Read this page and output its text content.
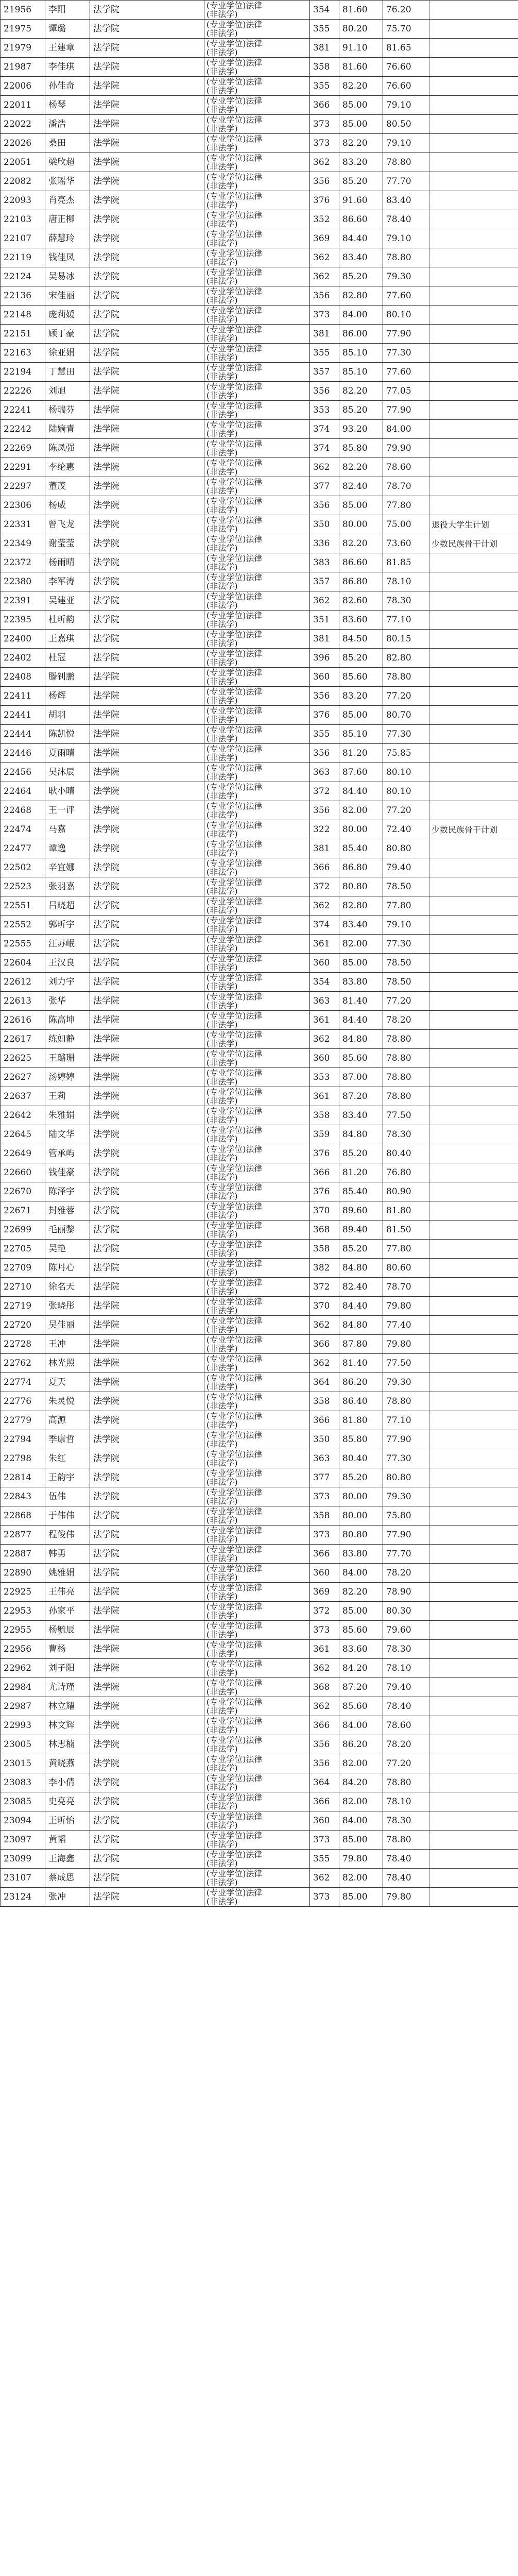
21956	李阳	法学院	(专业学位)法律
(非法学)	354	81.60	76.20	
21975	谭璐	法学院	(专业学位)法律
(非法学)	355	80.20	75.70	
21979	王建章	法学院	(专业学位)法律
(非法学)	381	91.10	81.65	
21987	李佳琪	法学院	(专业学位)法律
(非法学)	358	81.60	76.60	
22006	孙佳奇	法学院	(专业学位)法律
(非法学)	355	82.20	76.60	
22011	杨琴	法学院	(专业学位)法律
(非法学)	366	85.00	79.10	
22022	潘浩	法学院	(专业学位)法律
(非法学)	373	85.00	80.50	
22026	桑田	法学院	(专业学位)法律
(非法学)	373	82.20	79.10	
22051	梁欣超	法学院	(专业学位)法律
(非法学)	362	83.20	78.80	
22082	张瑶华	法学院	(专业学位)法律
(非法学)	356	85.20	77.70	
22093	肖亮杰	法学院	(专业学位)法律
(非法学)	376	91.60	83.40	
22103	唐正柳	法学院	(专业学位)法律
(非法学)	352	86.60	78.40	
22107	薛慧玲	法学院	(专业学位)法律
(非法学)	369	84.40	79.10	
22119	钱佳凤	法学院	(专业学位)法律
(非法学)	362	83.40	78.80	
22124	吴易冰	法学院	(专业学位)法律
(非法学)	362	85.20	79.30	
22136	宋佳丽	法学院	(专业学位)法律
(非法学)	356	82.80	77.60	
22148	庞莉媛	法学院	(专业学位)法律
(非法学)	373	84.00	80.10	
22151	顾丁豪	法学院	(专业学位)法律
(非法学)	381	86.00	77.90	
22163	徐亚娟	法学院	(专业学位)法律
(非法学)	355	85.10	77.30	
22194	丁慧田	法学院	(专业学位)法律
(非法学)	357	85.10	77.60	
22226	刘旭	法学院	(专业学位)法律
(非法学)	356	82.20	77.05	
22241	杨瑞芬	法学院	(专业学位)法律
(非法学)	353	85.20	77.90	
22242	陆嫡青	法学院	(专业学位)法律
(非法学)	374	93.20	84.00	
22269	陈凤强	法学院	(专业学位)法律
(非法学)	374	85.80	79.90	
22291	李纶惠	法学院	(专业学位)法律
(非法学)	362	82.20	78.60	
22297	董茂	法学院	(专业学位)法律
(非法学)	377	82.40	78.70	
22306	杨威	法学院	(专业学位)法律
(非法学)	356	85.00	77.80	
22331	曾飞龙	法学院	(专业学位)法律
(非法学)	350	80.00	75.00	退役大学生计划
22349	谢莹莹	法学院	(专业学位)法律
(非法学)	336	82.20	73.60	少数民族骨干计划
22372	杨雨晴	法学院	(专业学位)法律
(非法学)	383	86.60	81.85	
22380	李军涛	法学院	(专业学位)法律
(非法学)	357	86.80	78.10	
22391	吴建亚	法学院	(专业学位)法律
(非法学)	362	82.60	78.30	
22395	杜昕韵	法学院	(专业学位)法律
(非法学)	351	83.60	77.10	
22400	王嘉琪	法学院	(专业学位)法律
(非法学)	381	84.50	80.15	
22402	杜冠	法学院	(专业学位)法律
(非法学)	396	85.20	82.80	
22408	滕钊鹏	法学院	(专业学位)法律
(非法学)	360	85.60	78.80	
22411	杨辉	法学院	(专业学位)法律
(非法学)	356	83.20	77.20	
22441	胡羽	法学院	(专业学位)法律
(非法学)	376	85.00	80.70	
22444	陈凯悦	法学院	(专业学位)法律
(非法学)	355	85.10	77.30	
22446	夏雨晴	法学院	(专业学位)法律
(非法学)	356	81.20	75.85	
22456	吴沐辰	法学院	(专业学位)法律
(非法学)	363	87.60	80.10	
22464	耿小晴	法学院	(专业学位)法律
(非法学)	372	84.40	80.10	
22468	王一评	法学院	(专业学位)法律
(非法学)	356	82.00	77.20	
22474	马嘉	法学院	(专业学位)法律
(非法学)	322	80.00	72.40	少数民族骨干计划
22477	谭逸	法学院	(专业学位)法律
(非法学)	381	85.40	80.80	
22502	辛宜娜	法学院	(专业学位)法律
(非法学)	366	86.80	79.40	
22523	张羽嘉	法学院	(专业学位)法律
(非法学)	372	80.80	78.50	
22551	吕晓超	法学院	(专业学位)法律
(非法学)	362	82.80	77.80	
22552	郭昕宇	法学院	(专业学位)法律
(非法学)	374	83.40	79.10	
22555	汪苏岷	法学院	(专业学位)法律
(非法学)	361	82.00	77.30	
22604	王汉良	法学院	(专业学位)法律
(非法学)	360	85.00	78.50	
22612	刘力宇	法学院	(专业学位)法律
(非法学)	354	83.80	78.50	
22613	张华	法学院	(专业学位)法律
(非法学)	363	81.40	77.20	
22616	陈高坤	法学院	(专业学位)法律
(非法学)	361	84.40	78.20	
22617	练如静	法学院	(专业学位)法律
(非法学)	362	84.80	78.80	
22625	王璐珊	法学院	(专业学位)法律
(非法学)	360	85.60	78.80	
22627	汤婷婷	法学院	(专业学位)法律
(非法学)	353	87.00	78.80	
22637	王莉	法学院	(专业学位)法律
(非法学)	361	87.20	78.80	
22642	朱雅娟	法学院	(专业学位)法律
(非法学)	358	83.40	77.50	
22645	陆文华	法学院	(专业学位)法律
(非法学)	359	84.80	78.30	
22649	管承屿	法学院	(专业学位)法律
(非法学)	376	85.20	80.40	
22660	钱佳豪	法学院	(专业学位)法律
(非法学)	366	81.20	76.80	
22670	陈泽宇	法学院	(专业学位)法律
(非法学)	376	85.40	80.90	
22671	封雅蓉	法学院	(专业学位)法律
(非法学)	370	89.60	81.80	
22699	毛丽黎	法学院	(专业学位)法律
(非法学)	368	89.40	81.50	
22705	吴艳	法学院	(专业学位)法律
(非法学)	358	85.20	77.80	
22709	陈丹心	法学院	(专业学位)法律
(非法学)	382	84.80	80.60	
22710	徐名天	法学院	(专业学位)法律
(非法学)	372	82.40	78.70	
22719	张晓彤	法学院	(专业学位)法律
(非法学)	370	84.40	79.80	
22720	吴佳丽	法学院	(专业学位)法律
(非法学)	362	84.80	77.40	
22728	王冲	法学院	(专业学位)法律
(非法学)	366	87.80	79.80	
22762	林光照	法学院	(专业学位)法律
(非法学)	362	81.40	77.50	
22774	夏天	法学院	(专业学位)法律
(非法学)	364	86.20	79.30	
22776	朱灵悦	法学院	(专业学位)法律
(非法学)	358	86.40	78.80	
22779	高源	法学院	(专业学位)法律
(非法学)	366	81.80	77.10	
22794	季康哲	法学院	(专业学位)法律
(非法学)	350	85.80	77.90	
22798	朱红	法学院	(专业学位)法律
(非法学)	363	80.40	77.30	
22814	王韵宇	法学院	(专业学位)法律
(非法学)	377	85.20	80.80	
22843	伍伟	法学院	(专业学位)法律
(非法学)	373	80.00	79.30	
22868	于伟伟	法学院	(专业学位)法律
(非法学)	358	80.00	75.80	
22877	程俊伟	法学院	(专业学位)法律
(非法学)	373	80.80	77.90	
22887	韩勇	法学院	(专业学位)法律
(非法学)	366	83.80	77.70	
22890	姚雅娟	法学院	(专业学位)法律
(非法学)	360	84.00	78.20	
22925	王伟亮	法学院	(专业学位)法律
(非法学)	369	82.20	78.90	
22953	孙家平	法学院	(专业学位)法律
(非法学)	372	85.00	80.30	
22955	杨毓辰	法学院	(专业学位)法律
(非法学)	373	85.60	79.60	
22956	曹杨	法学院	(专业学位)法律
(非法学)	361	83.60	78.30	
22962	刘子阳	法学院	(专业学位)法律
(非法学)	362	84.20	78.10	
22984	尤诗瑾	法学院	(专业学位)法律
(非法学)	368	87.20	79.40	
22987	林立耀	法学院	(专业学位)法律
(非法学)	362	85.60	78.40	
22993	林文辉	法学院	(专业学位)法律
(非法学)	366	84.00	78.60	
23005	林思楠	法学院	(专业学位)法律
(非法学)	356	86.20	78.20	
23015	黄晓燕	法学院	(专业学位)法律
(非法学)	356	82.00	77.20	
23083	李小倩	法学院	(专业学位)法律
(非法学)	364	84.20	78.80	
23085	史亮亮	法学院	(专业学位)法律
(非法学)	366	82.00	78.10	
23094	王昕怡	法学院	(专业学位)法律
(非法学)	360	84.00	78.30	
23097	黄韬	法学院	(专业学位)法律
(非法学)	373	85.00	78.80	
23099	王海鑫	法学院	(专业学位)法律
(非法学)	355	79.80	78.40	
23107	蔡成思	法学院	(专业学位)法律
(非法学)	362	82.00	78.40	
23124	张冲	法学院	(专业学位)法律
(非法学)	373	85.00	79.80	
